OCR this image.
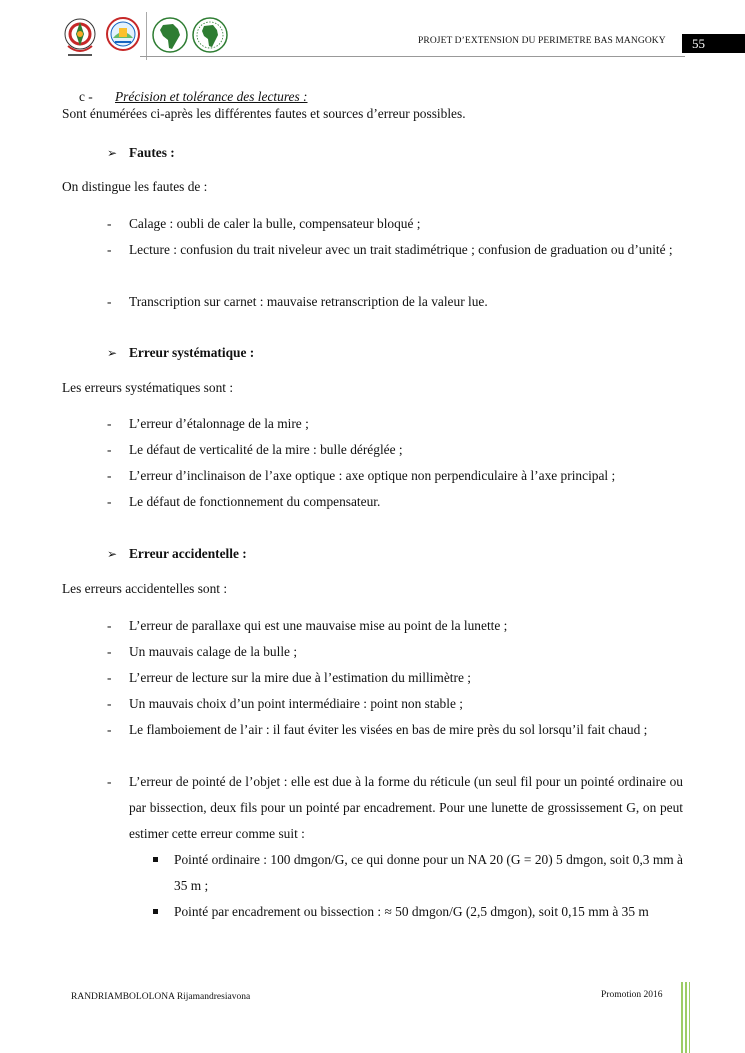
PROJET D’EXTENSION DU PERIMETRE BAS MANGOKY	55
c - Précision et tolérance des lectures :
Sont énumérées ci-après les différentes fautes et sources d’erreur possibles.
➢ Fautes :
On distingue les fautes de :
- Calage : oubli de caler la bulle, compensateur bloqué ;
- Lecture : confusion du trait niveleur avec un trait stadimétrique ; confusion de graduation ou d’unité ;
- Transcription sur carnet : mauvaise retranscription de la valeur lue.
➢ Erreur systématique :
Les erreurs systématiques sont :
- L’erreur d’étalonnage de la mire ;
- Le défaut de verticalité de la mire : bulle déréglée ;
- L’erreur d’inclinaison de l’axe optique : axe optique non perpendiculaire à l’axe principal ;
- Le défaut de fonctionnement du compensateur.
➢ Erreur accidentelle :
Les erreurs accidentelles sont :
- L’erreur de parallaxe qui est une mauvaise mise au point de la lunette ;
- Un mauvais calage de la bulle ;
- L’erreur de lecture sur la mire due à l’estimation du millimètre ;
- Un mauvais choix d’un point intermédiaire : point non stable ;
- Le flamboiement de l’air : il faut éviter les visées en bas de mire près du sol lorsqu’il fait chaud ;
- L’erreur de pointé de l’objet : elle est due à la forme du réticule (un seul fil pour un pointé ordinaire ou par bissection, deux fils pour un pointé par encadrement. Pour une lunette de grossissement G, on peut estimer cette erreur comme suit :
Pointé ordinaire : 100 dmgon/G, ce qui donne pour un NA 20 (G = 20) 5 dmgon, soit 0,3 mm à 35 m ;
Pointé par encadrement ou bissection : ≈ 50 dmgon/G (2,5 dmgon), soit 0,15 mm à 35 m
RANDRIAMBOLOLONA Rijamandresiavona	Promotion 2016
